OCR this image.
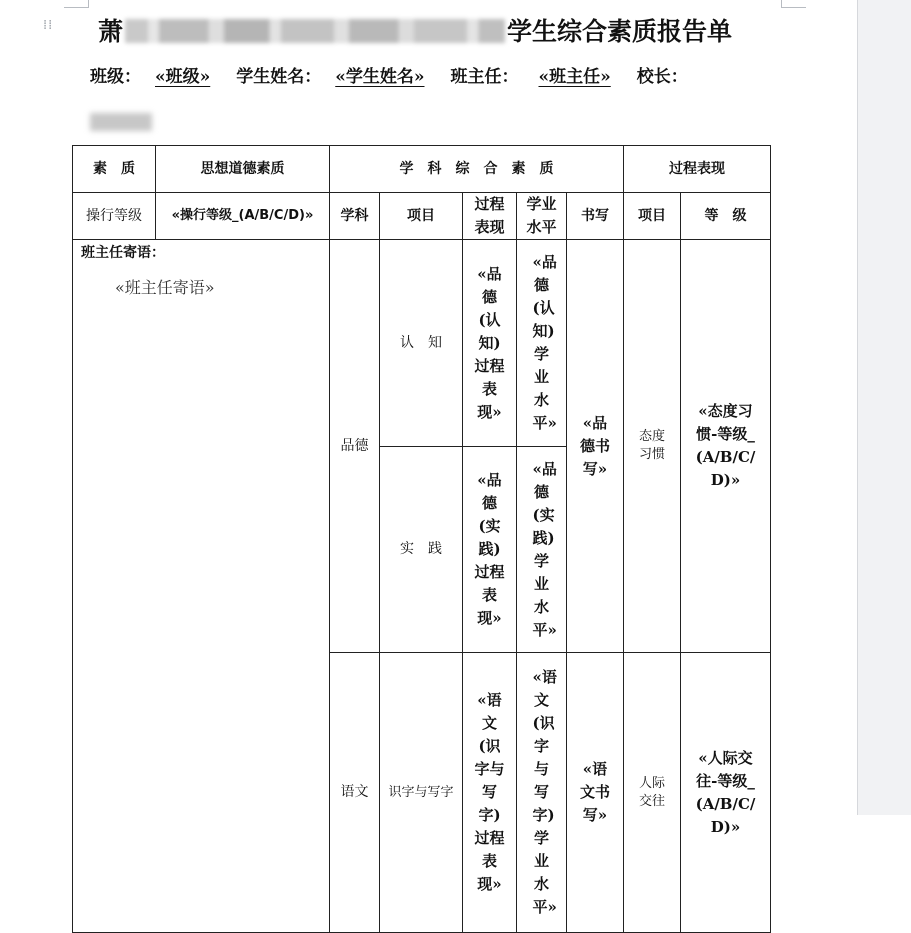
⁞⁞ 萧	学生综合素质报告单
班级： «班级» 学生姓名： «学生姓名» 班主任： «班主任» 校长：
素　质	思想道德素质	学　科　综　合　素　质					过程表现	
操行等级	«操行等级_(A/B/C/D)»	学科	项目	过程表现	学业水平	书写	项目	等　级

班主任寄语：
«班主任寄语»		品德	认　知	«品德(认知)过程表现»	«品德(认知)学业水平»	«品德书写»	态度习惯	«态度习惯-等级_(A/B/C/D)»
			实　践	«品德(实践)过程表现»	«品德(实践)学业水平»			
		语文	识字与写字	«语文(识字与写字)过程表现»	«语文(识字与写字)学业水平»	«语文书写»	人际交往	«人际交往-等级_(A/B/C/D)»
